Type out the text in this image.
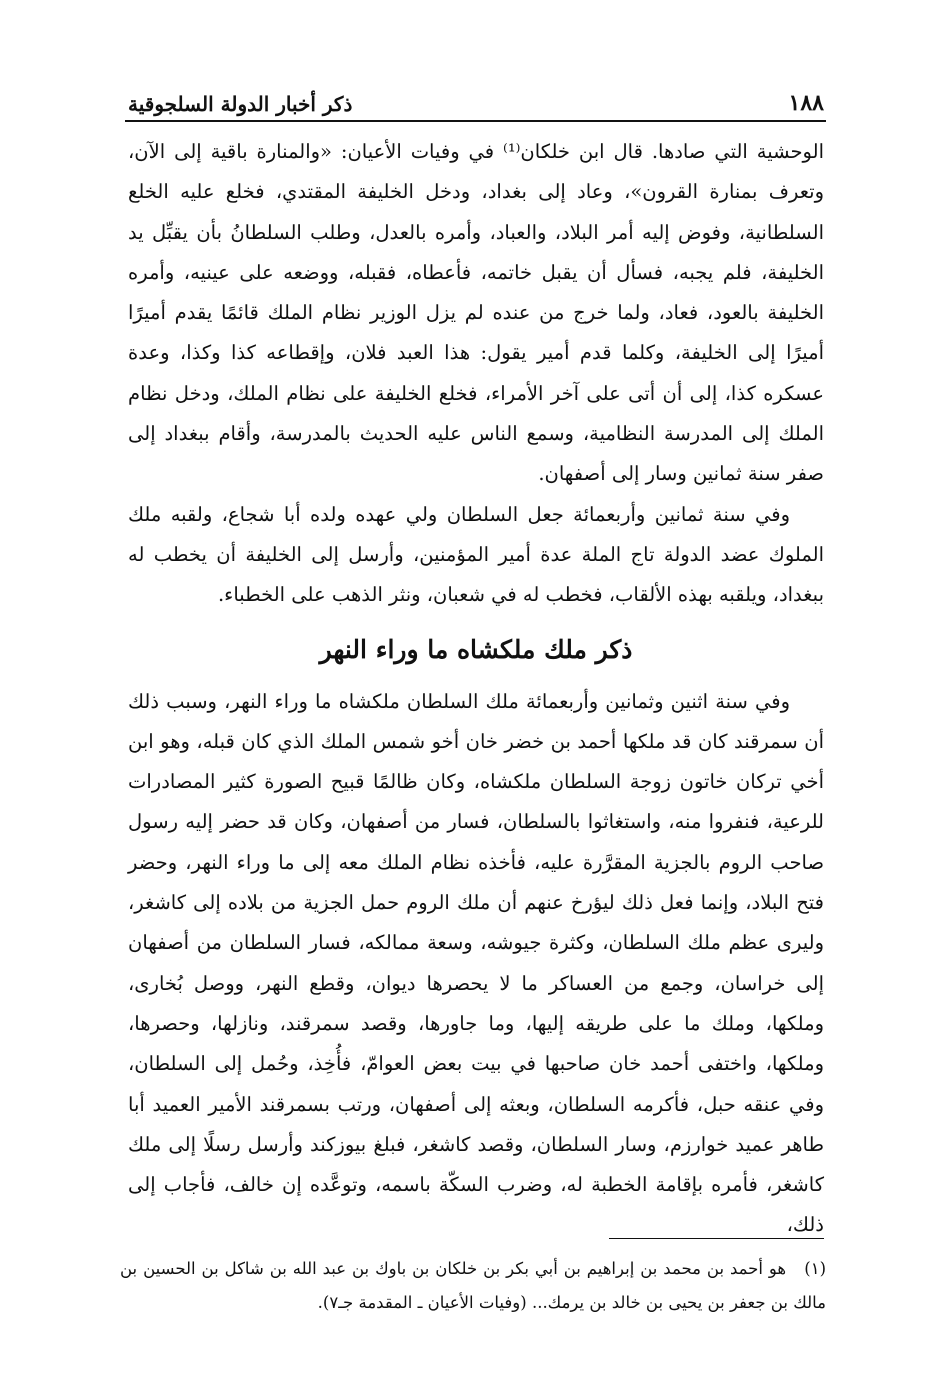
١٨٨
ذكر أخبار الدولة السلجوقية

الوحشية التي صادها. قال ابن خلكان⁽¹⁾ في وفيات الأعيان: «والمنارة باقية إلى الآن، وتعرف بمنارة القرون»، وعاد إلى بغداد، ودخل الخليفة المقتدي، فخلع عليه الخلع السلطانية، وفوض إليه أمر البلاد، والعباد، وأمره بالعدل، وطلب السلطانُ بأن يقبِّل يد الخليفة، فلم يجبه، فسأل أن يقبل خاتمه، فأعطاه، فقبله، ووضعه على عينيه، وأمره الخليفة بالعود، فعاد، ولما خرج من عنده لم يزل الوزير نظام الملك قائمًا يقدم أميرًا أميرًا إلى الخليفة، وكلما قدم أمير يقول: هذا العبد فلان، وإقطاعه كذا وكذا، وعدة عسكره كذا، إلى أن أتى على آخر الأمراء، فخلع الخليفة على نظام الملك، ودخل نظام الملك إلى المدرسة النظامية، وسمع الناس عليه الحديث بالمدرسة، وأقام ببغداد إلى صفر سنة ثمانين وسار إلى أصفهان.

وفي سنة ثمانين وأربعمائة جعل السلطان ولي عهده ولده أبا شجاع، ولقبه ملك الملوك عضد الدولة تاج الملة عدة أمير المؤمنين، وأرسل إلى الخليفة أن يخطب له ببغداد، ويلقبه بهذه الألقاب، فخطب له في شعبان، ونثر الذهب على الخطباء.

ذكر ملك ملكشاه ما وراء النهر

وفي سنة اثنين وثمانين وأربعمائة ملك السلطان ملكشاه ما وراء النهر، وسبب ذلك أن سمرقند كان قد ملكها أحمد بن خضر خان أخو شمس الملك الذي كان قبله، وهو ابن أخي تركان خاتون زوجة السلطان ملكشاه، وكان ظالمًا قبيح الصورة كثير المصادرات للرعية، فنفروا منه، واستغاثوا بالسلطان، فسار من أصفهان، وكان قد حضر إليه رسول صاحب الروم بالجزية المقرَّرة عليه، فأخذه نظام الملك معه إلى ما وراء النهر، وحضر فتح البلاد، وإنما فعل ذلك ليؤرخ عنهم أن ملك الروم حمل الجزية من بلاده إلى كاشغر، وليرى عظم ملك السلطان، وكثرة جيوشه، وسعة ممالكه، فسار السلطان من أصفهان إلى خراسان، وجمع من العساكر ما لا يحصرها ديوان، وقطع النهر، ووصل بُخارى، وملكها، وملك ما على طريقه إليها، وما جاورها، وقصد سمرقند، ونازلها، وحصرها، وملكها، واختفى أحمد خان صاحبها في بيت بعض العوامّ، فأُخِذ، وحُمل إلى السلطان، وفي عنقه حبل، فأكرمه السلطان، وبعثه إلى أصفهان، ورتب بسمرقند الأمير العميد أبا طاهر عميد خوارزم، وسار السلطان، وقصد كاشغر، فبلغ بيوزكند وأرسل رسلًا إلى ملك كاشغر، فأمره بإقامة الخطبة له، وضرب السكّة باسمه، وتوعَّده إن خالف، فأجاب إلى ذلك،

(١) هو أحمد بن محمد بن إبراهيم بن أبي بكر بن خلكان بن باوك بن عبد الله بن شاكل بن الحسين بن مالك بن جعفر بن يحيى بن خالد بن يرمك... (وفيات الأعيان ـ المقدمة جـ٧).
